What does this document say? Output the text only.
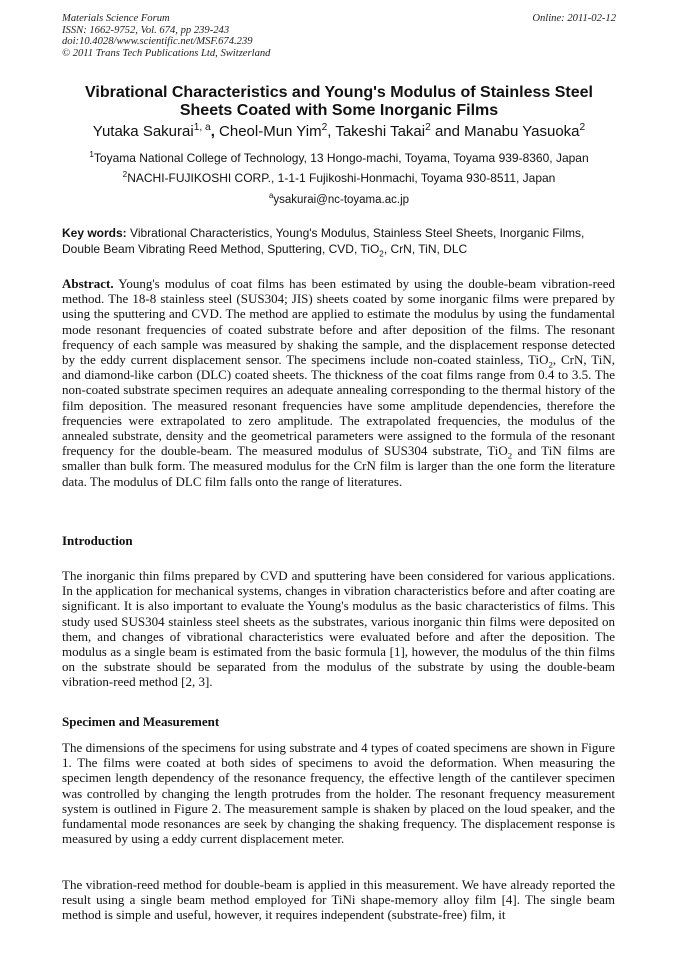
Materials Science Forum
ISSN: 1662-9752, Vol. 674, pp 239-243
doi:10.4028/www.scientific.net/MSF.674.239
© 2011 Trans Tech Publications Ltd, Switzerland
Online: 2011-02-12
Vibrational Characteristics and Young's Modulus of Stainless Steel
Sheets Coated with Some Inorganic Films
Yutaka Sakurai$^{1, a}$, Cheol-Mun Yim$^2$, Takeshi Takai$^2$ and Manabu Yasuoka$^2$
$^1$Toyama National College of Technology, 13 Hongo-machi, Toyama, Toyama 939-8360, Japan
$^2$NACHI-FUJIKOSHI CORP., 1-1-1 Fujikoshi-Honmachi, Toyama 930-8511, Japan
$^a$ysakurai@nc-toyama.ac.jp
Key words: Vibrational Characteristics, Young's Modulus, Stainless Steel Sheets, Inorganic Films, Double Beam Vibrating Reed Method, Sputtering, CVD, TiO$_2$, CrN, TiN, DLC
Abstract. Young's modulus of coat films has been estimated by using the double-beam vibration-reed method. The 18-8 stainless steel (SUS304; JIS) sheets coated by some inorganic films were prepared by using the sputtering and CVD. The method are applied to estimate the modulus by using the fundamental mode resonant frequencies of coated substrate before and after deposition of the films. The resonant frequency of each sample was measured by shaking the sample, and the displacement response detected by the eddy current displacement sensor. The specimens include non-coated stainless, TiO$_2$, CrN, TiN, and diamond-like carbon (DLC) coated sheets. The thickness of the coat films range from 0.4 to 3.5. The non-coated substrate specimen requires an adequate annealing corresponding to the thermal history of the film deposition. The measured resonant frequencies have some amplitude dependencies, therefore the frequencies were extrapolated to zero amplitude. The extrapolated frequencies, the modulus of the annealed substrate, density and the geometrical parameters were assigned to the formula of the resonant frequency for the double-beam. The measured modulus of SUS304 substrate, TiO$_2$ and TiN films are smaller than bulk form. The measured modulus for the CrN film is larger than the one form the literature data. The modulus of DLC film falls onto the range of literatures.
Introduction
The inorganic thin films prepared by CVD and sputtering have been considered for various applications. In the application for mechanical systems, changes in vibration characteristics before and after coating are significant. It is also important to evaluate the Young's modulus as the basic characteristics of films. This study used SUS304 stainless steel sheets as the substrates, various inorganic thin films were deposited on them, and changes of vibrational characteristics were evaluated before and after the deposition. The modulus as a single beam is estimated from the basic formula [1], however, the modulus of the thin films on the substrate should be separated from the modulus of the substrate by using the double-beam vibration-reed method [2, 3].
Specimen and Measurement
The dimensions of the specimens for using substrate and 4 types of coated specimens are shown in Figure 1. The films were coated at both sides of specimens to avoid the deformation. When measuring the specimen length dependency of the resonance frequency, the effective length of the cantilever specimen was controlled by changing the length protrudes from the holder. The resonant frequency measurement system is outlined in Figure 2. The measurement sample is shaken by placed on the loud speaker, and the fundamental mode resonances are seek by changing the shaking frequency. The displacement response is measured by using a eddy current displacement meter.
The vibration-reed method for double-beam is applied in this measurement. We have already reported the result using a single beam method employed for TiNi shape-memory alloy film [4]. The single beam method is simple and useful, however, it requires independent (substrate-free) film, it
